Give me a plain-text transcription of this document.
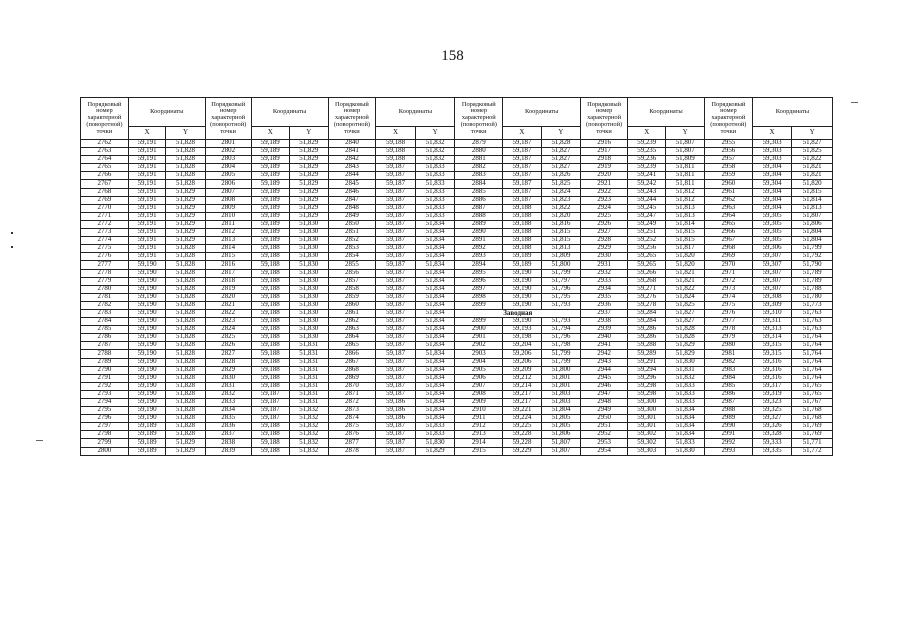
158
Порядковый номер характерной (поворотной) точки	Координаты		Порядковый номер характерной (поворотной) точки	Координаты		Порядковый номер характерной (поворотной) точки	Координаты		Порядковый номер характерной (поворотной) точки	Координаты		Порядковый номер характерной (поворотной) точки	Координаты		Порядковый номер характерной (поворотной) точки	Координаты	
	X	Y		X	Y		X	Y		X	Y		X	Y		X	Y
2762	59,191	51,828	2801	59,189	51,829	2840	59,188	51,832	2879	59,187	51,828	2916	59,239	51,807	2955	59,303	51,827
2763	59,191	51,828	2802	59,189	51,829	2841	59,188	51,832	2880	59,187	51,827	2917	59,235	51,807	2956	59,303	51,825
2764	59,191	51,828	2803	59,189	51,829	2842	59,188	51,832	2881	59,187	51,827	2918	59,236	51,809	2957	59,303	51,822
2765	59,191	51,828	2804	59,189	51,829	2843	59,187	51,833	2882	59,187	51,827	2919	59,239	51,811	2958	59,304	51,821
2766	59,191	51,828	2805	59,189	51,829	2844	59,187	51,833	2883	59,187	51,826	2920	59,241	51,811	2959	59,304	51,821
2767	59,191	51,828	2806	59,189	51,829	2845	59,187	51,833	2884	59,187	51,825	2921	59,242	51,811	2960	59,304	51,820
2768	59,191	51,829	2807	59,189	51,829	2846	59,187	51,833	2885	59,187	51,824	2922	59,243	51,812	2961	59,304	51,815
2769	59,191	51,829	2808	59,189	51,829	2847	59,187	51,833	2886	59,187	51,823	2923	59,244	51,812	2962	59,304	51,814
2770	59,191	51,829	2809	59,189	51,829	2848	59,187	51,833	2887	59,188	51,822	2924	59,245	51,813	2963	59,304	51,813
2771	59,191	51,829	2810	59,189	51,829	2849	59,187	51,833	2888	59,188	51,820	2925	59,247	51,813	2964	59,305	51,807
2772	59,191	51,829	2811	59,189	51,830	2850	59,187	51,834	2889	59,188	51,816	2926	59,249	51,814	2965	59,305	51,806
2773	59,191	51,829	2812	59,189	51,830	2851	59,187	51,834	2890	59,188	51,815	2927	59,251	51,815	2966	59,305	51,804
2774	59,191	51,829	2813	59,189	51,830	2852	59,187	51,834	2891	59,188	51,815	2928	59,252	51,815	2967	59,305	51,804
2775	59,191	51,828	2814	59,188	51,830	2853	59,187	51,834	2892	59,188	51,813	2929	59,256	51,817	2968	59,306	51,799
2776	59,191	51,828	2815	59,188	51,830	2854	59,187	51,834	2893	59,189	51,809	2930	59,265	51,820	2969	59,307	51,792
2777	59,190	51,828	2816	59,188	51,830	2855	59,187	51,834	2894	59,189	51,800	2931	59,265	51,820	2970	59,307	51,790
2778	59,190	51,828	2817	59,188	51,830	2856	59,187	51,834	2895	59,190	51,799	2932	59,266	51,821	2971	59,307	51,789
2779	59,190	51,828	2818	59,188	51,830	2857	59,187	51,834	2896	59,190	51,797	2933	59,268	51,821	2972	59,307	51,789
2780	59,190	51,828	2819	59,188	51,830	2858	59,187	51,834	2897	59,190	51,796	2934	59,271	51,822	2973	59,307	51,788
2781	59,190	51,828	2820	59,188	51,830	2859	59,187	51,834	2898	59,190	51,795	2935	59,276	51,824	2974	59,308	51,780
2782	59,190	51,828	2821	59,188	51,830	2860	59,187	51,834	2899	59,190	51,793	2936	59,278	51,825	2975	59,309	51,773
2783	59,190	51,828	2822	59,188	51,830	2861	59,187	51,834	Заводная			2937	59,284	51,827	2976	59,310	51,763
2784	59,190	51,828	2823	59,188	51,830	2862	59,187	51,834	2899	59,190	51,793	2938	59,284	51,827	2977	59,311	51,763
2785	59,190	51,828	2824	59,188	51,830	2863	59,187	51,834	2900	59,193	51,794	2939	59,286	51,828	2978	59,313	51,763
2786	59,190	51,828	2825	59,188	51,830	2864	59,187	51,834	2901	59,198	51,796	2940	59,286	51,828	2979	59,314	51,764
2787	59,190	51,828	2826	59,188	51,831	2865	59,187	51,834	2902	59,204	51,798	2941	59,288	51,829	2980	59,315	51,764
2788	59,190	51,828	2827	59,188	51,831	2866	59,187	51,834	2903	59,206	51,799	2942	59,289	51,829	2981	59,315	51,764
2789	59,190	51,828	2828	59,188	51,831	2867	59,187	51,834	2904	59,206	51,799	2943	59,291	51,830	2982	59,316	51,764
2790	59,190	51,828	2829	59,188	51,831	2868	59,187	51,834	2905	59,209	51,800	2944	59,294	51,831	2983	59,316	51,764
2791	59,190	51,828	2830	59,188	51,831	2869	59,187	51,834	2906	59,212	51,801	2945	59,296	51,832	2984	59,316	51,764
2792	59,190	51,828	2831	59,188	51,831	2870	59,187	51,834	2907	59,214	51,801	2946	59,298	51,833	2985	59,317	51,765
2793	59,190	51,828	2832	59,187	51,831	2871	59,187	51,834	2908	59,217	51,803	2947	59,298	51,833	2986	59,319	51,765
2794	59,190	51,828	2833	59,187	51,831	2872	59,186	51,834	2909	59,217	51,803	2948	59,300	51,833	2987	59,323	51,767
2795	59,190	51,828	2834	59,187	51,832	2873	59,186	51,834	2910	59,221	51,804	2949	59,300	51,834	2988	59,325	51,768
2796	59,190	51,828	2835	59,187	51,832	2874	59,186	51,834	2911	59,224	51,805	2950	59,301	51,834	2989	59,327	51,768
2797	59,189	51,828	2836	59,188	51,832	2875	59,187	51,833	2912	59,225	51,805	2951	59,301	51,834	2990	59,326	51,769
2798	59,189	51,828	2837	59,188	51,832	2876	59,187	51,833	2913	59,228	51,806	2952	59,302	51,834	2991	59,328	51,769
2799	59,189	51,829	2838	59,188	51,832	2877	59,187	51,830	2914	59,228	51,807	2953	59,302	51,833	2992	59,333	51,771
2800	59,189	51,829	2839	59,188	51,832	2878	59,187	51,829	2915	59,229	51,807	2954	59,303	51,830	2993	59,335	51,772
